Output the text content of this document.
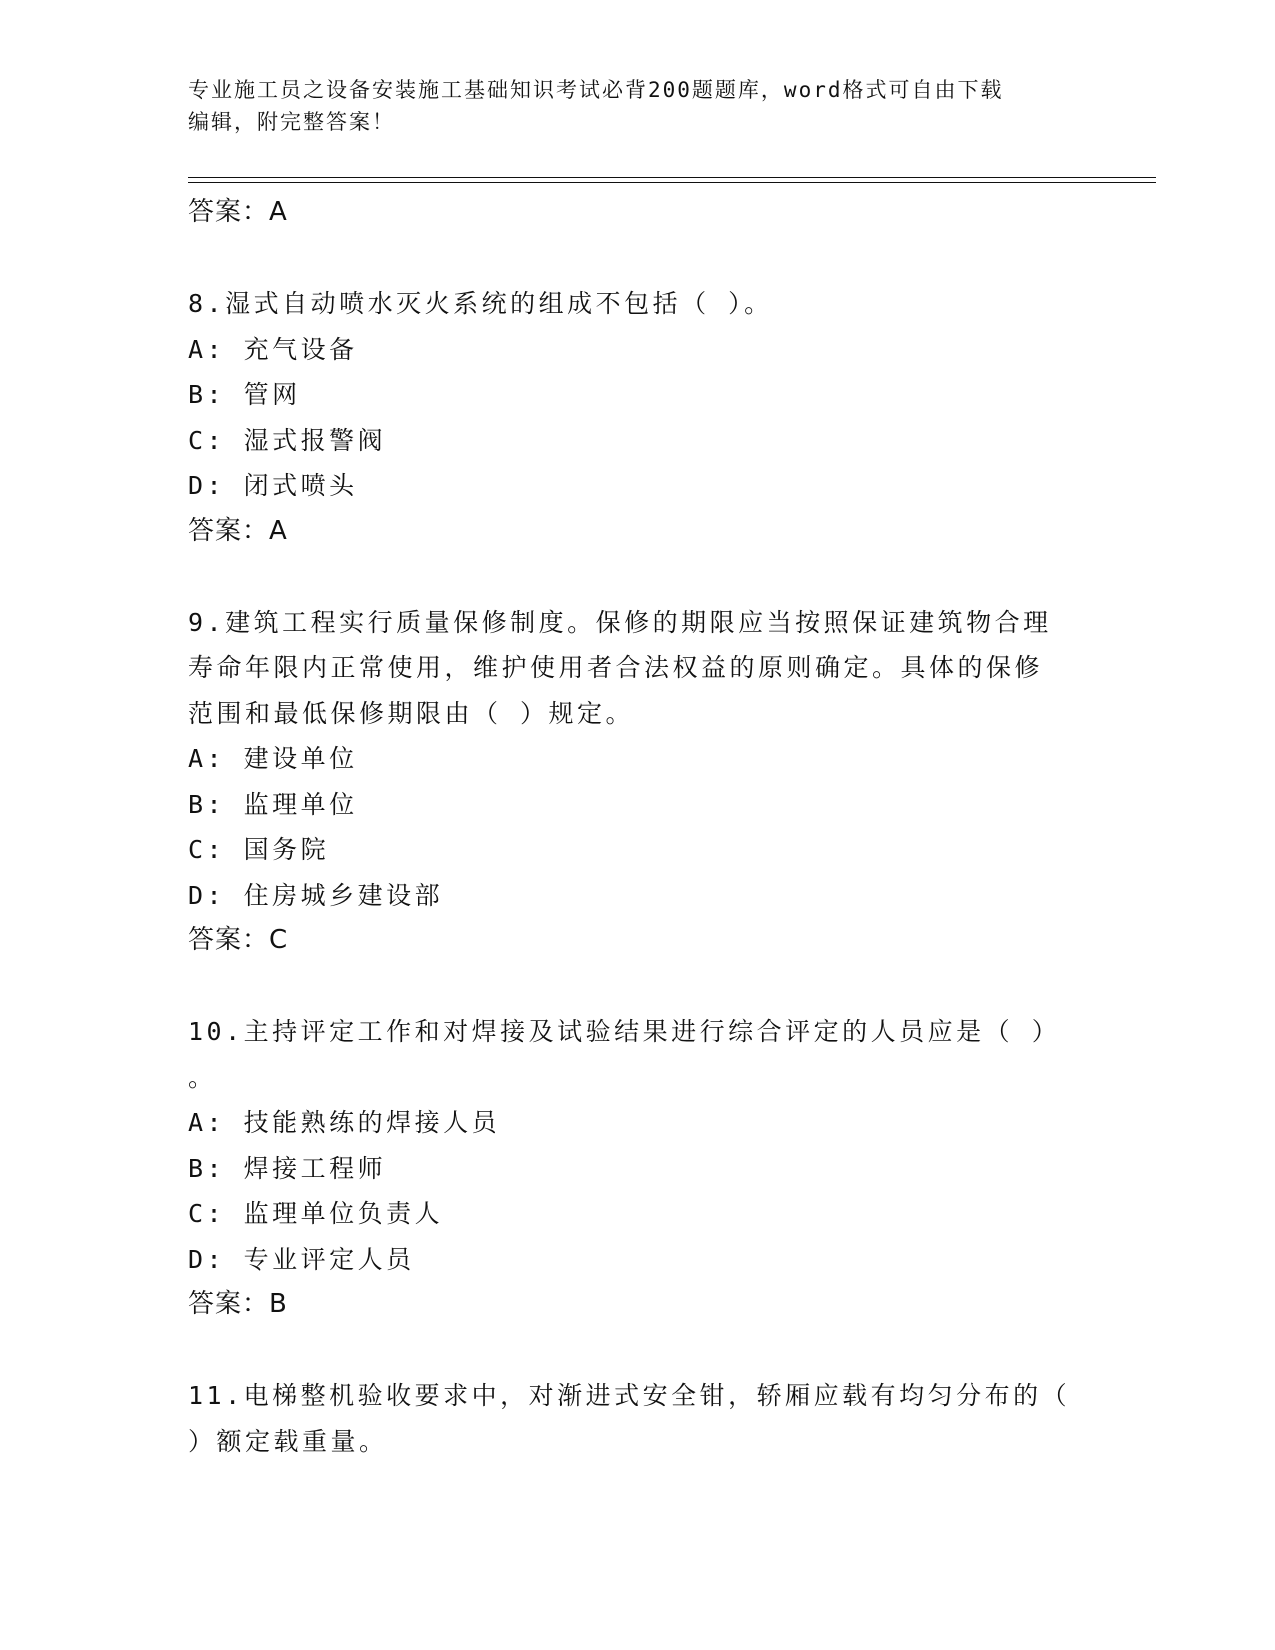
专业施工员之设备安装施工基础知识考试必背200题题库，word格式可自由下载
编辑，附完整答案！
答案：A
8.湿式自动喷水灭火系统的组成不包括（ ）。
A: 充气设备
B: 管网
C: 湿式报警阀
D: 闭式喷头
答案：A
9.建筑工程实行质量保修制度。保修的期限应当按照保证建筑物合理
寿命年限内正常使用，维护使用者合法权益的原则确定。具体的保修
范围和最低保修期限由（ ）规定。
A: 建设单位
B: 监理单位
C: 国务院
D: 住房城乡建设部
答案：C
10.主持评定工作和对焊接及试验结果进行综合评定的人员应是（ ）
。
A: 技能熟练的焊接人员
B: 焊接工程师
C: 监理单位负责人
D: 专业评定人员
答案：B
11.电梯整机验收要求中，对渐进式安全钳，轿厢应载有均匀分布的（
）额定载重量。
